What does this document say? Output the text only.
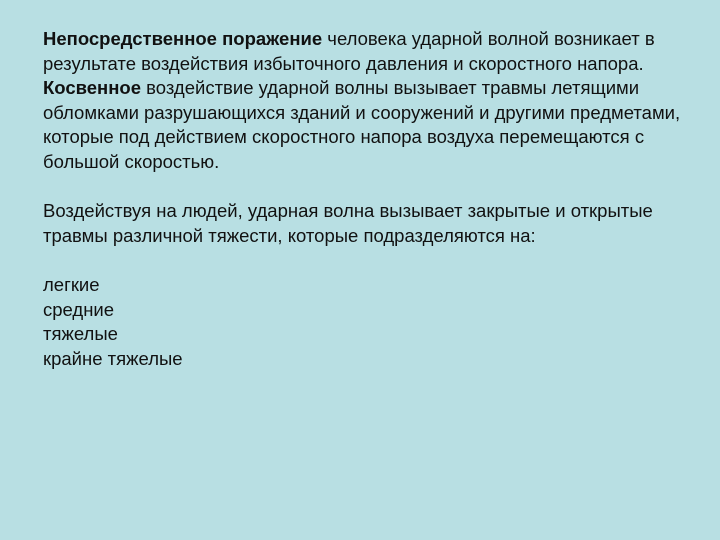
Непосредственное поражение человека ударной волной возникает в результате воздействия избыточного давления и скоростного напора.

Косвенное воздействие ударной волны вызывает травмы летящими обломками разрушающихся зданий и сооружений и другими предметами, которые под действием скоростного напора воздуха перемещаются с большой скоростью.

Воздействуя на людей, ударная волна вызывает закрытые и открытые травмы различной тяжести, которые подразделяются на:

легкие
средние
тяжелые
крайне тяжелые
